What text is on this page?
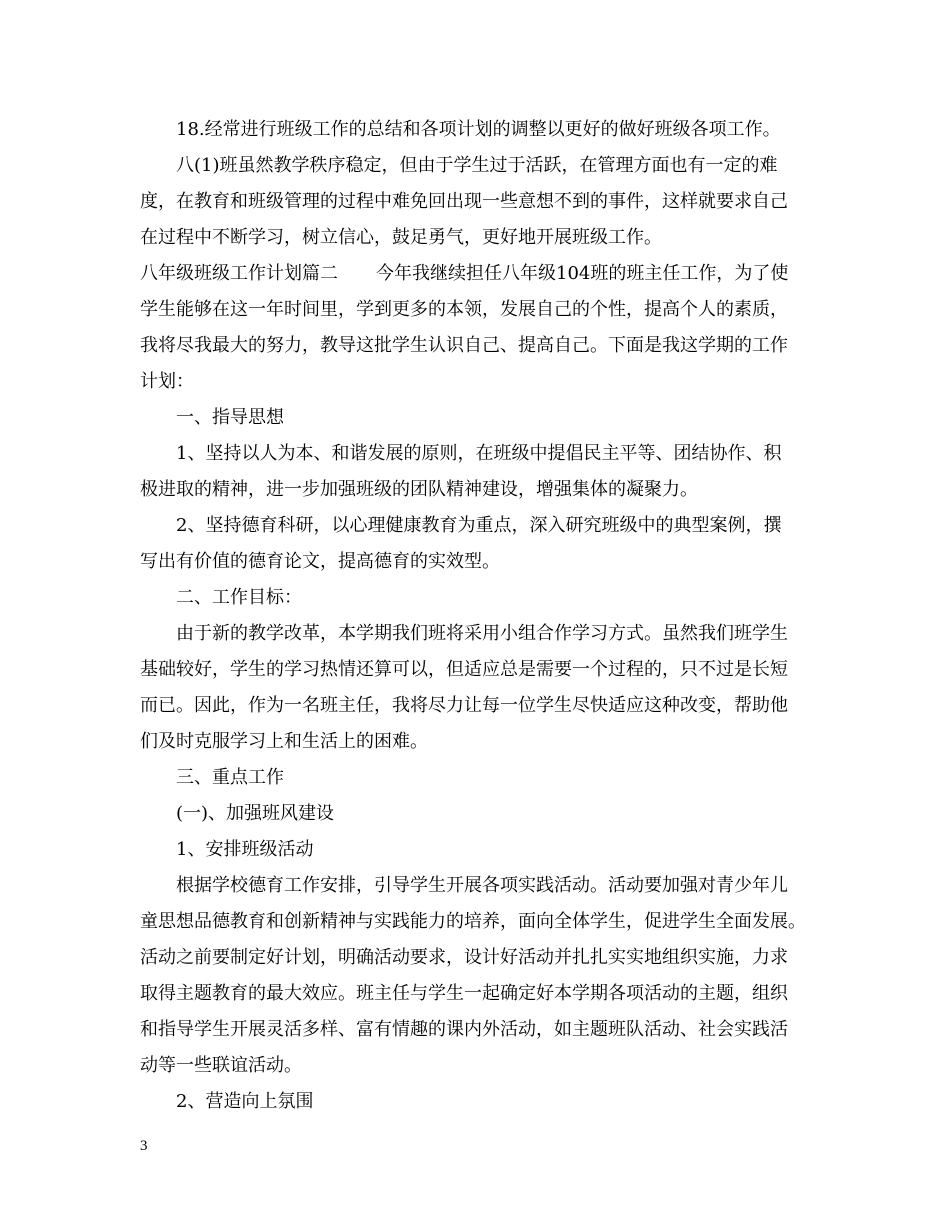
18.经常进行班级工作的总结和各项计划的调整以更好的做好班级各项工作。

八(1)班虽然教学秩序稳定，但由于学生过于活跃，在管理方面也有一定的难

度，在教育和班级管理的过程中难免回出现一些意想不到的事件，这样就要求自己

在过程中不断学习，树立信心，鼓足勇气，更好地开展班级工作。

八年级班级工作计划篇二 今年我继续担任八年级104班的班主任工作，为了使

学生能够在这一年时间里，学到更多的本领，发展自己的个性，提高个人的素质，

我将尽我最大的努力，教导这批学生认识自己、提高自己。下面是我这学期的工作

计划：

一、指导思想

1、坚持以人为本、和谐发展的原则，在班级中提倡民主平等、团结协作、积

极进取的精神，进一步加强班级的团队精神建设，增强集体的凝聚力。

2、坚持德育科研，以心理健康教育为重点，深入研究班级中的典型案例，撰

写出有价值的德育论文，提高德育的实效型。

二、工作目标：

由于新的教学改革，本学期我们班将采用小组合作学习方式。虽然我们班学生

基础较好，学生的学习热情还算可以，但适应总是需要一个过程的，只不过是长短

而已。因此，作为一名班主任，我将尽力让每一位学生尽快适应这种改变，帮助他

们及时克服学习上和生活上的困难。

三、重点工作

(一)、加强班风建设

1、安排班级活动

根据学校德育工作安排，引导学生开展各项实践活动。活动要加强对青少年儿

童思想品德教育和创新精神与实践能力的培养，面向全体学生，促进学生全面发展。

活动之前要制定好计划，明确活动要求，设计好活动并扎扎实实地组织实施，力求

取得主题教育的最大效应。班主任与学生一起确定好本学期各项活动的主题，组织

和指导学生开展灵活多样、富有情趣的课内外活动，如主题班队活动、社会实践活

动等一些联谊活动。

2、营造向上氛围

3
